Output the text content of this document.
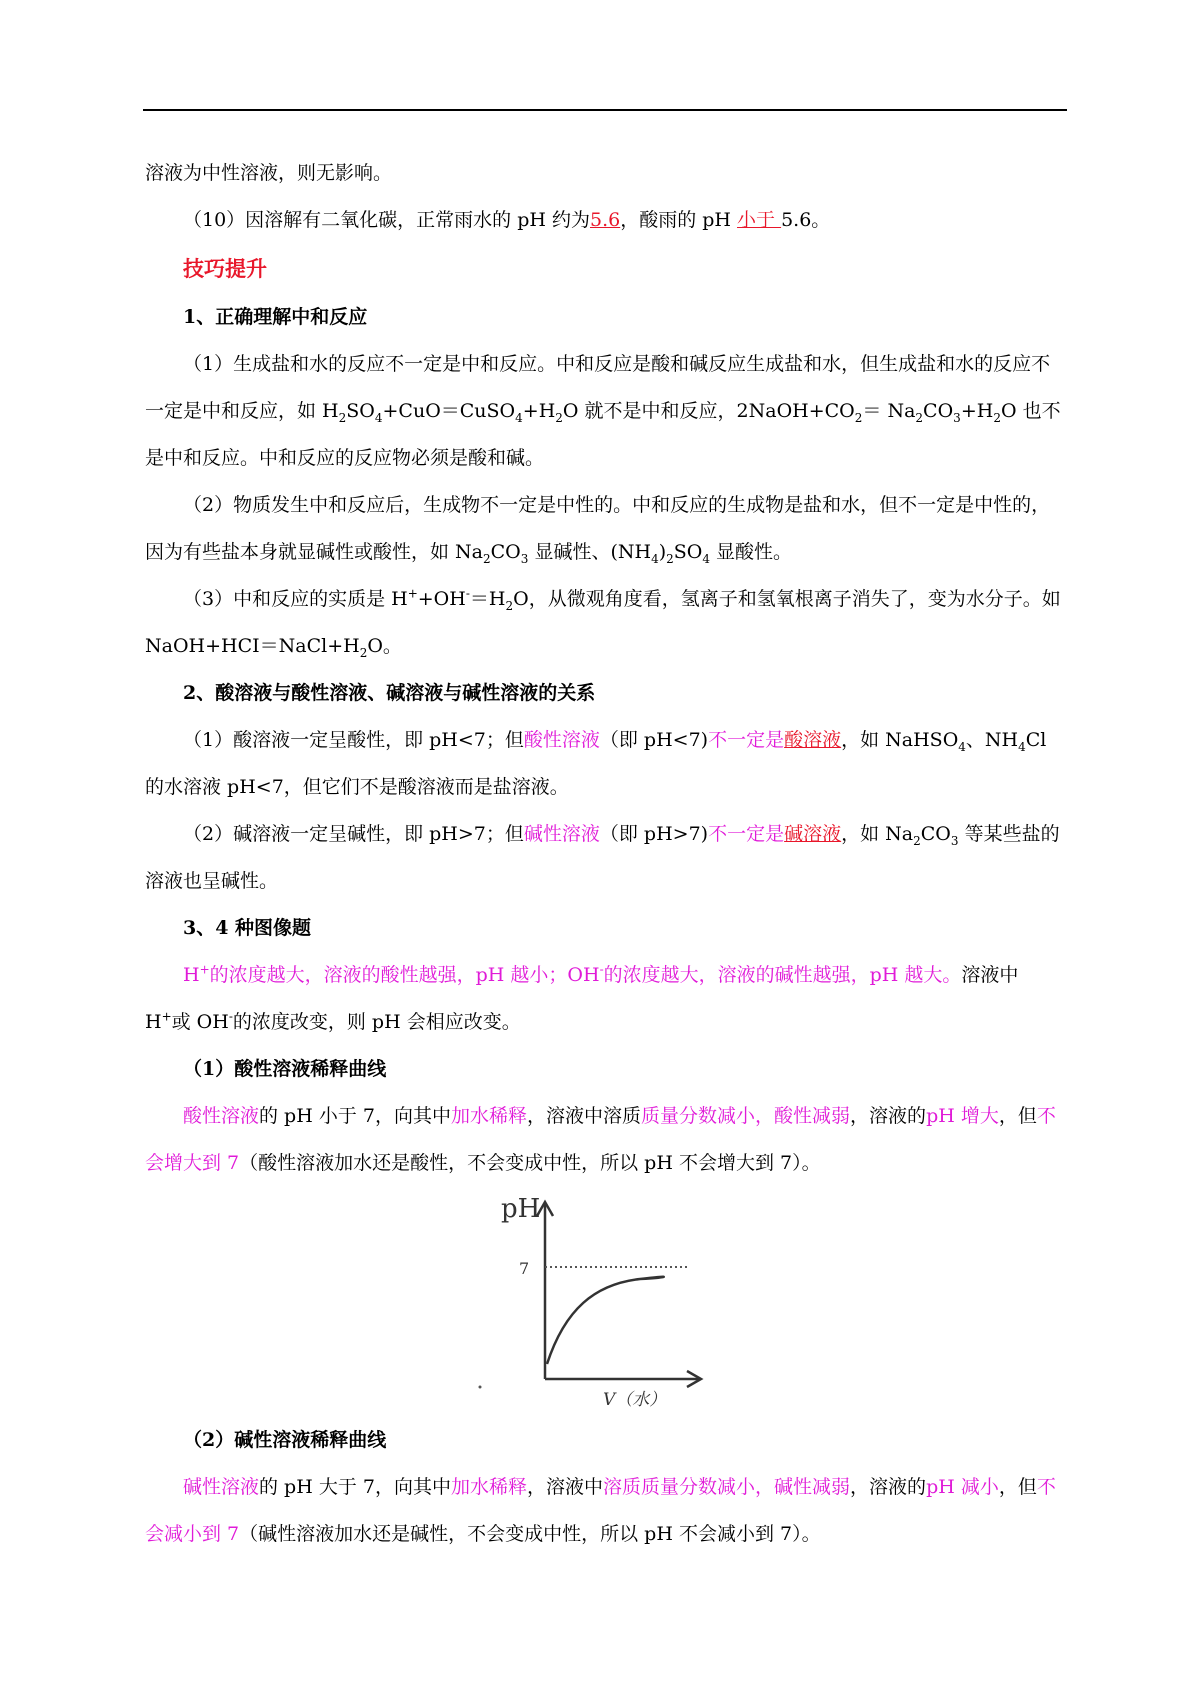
溶液为中性溶液，则无影响。

（10）因溶解有二氧化碳，正常雨水的 pH 约为5.6，酸雨的 pH 小于 5.6。

技巧提升

1、正确理解中和反应

（1）生成盐和水的反应不一定是中和反应。中和反应是酸和碱反应生成盐和水，但生成盐和水的反应不一定是中和反应，如 $H_2SO_4+CuO=CuSO_4+H_2O$ 就不是中和反应，$2NaOH+CO_2= Na_2CO_3+H_2O$ 也不是中和反应。中和反应的反应物必须是酸和碱。

（2）物质发生中和反应后，生成物不一定是中性的。中和反应的生成物是盐和水，但不一定是中性的，因为有些盐本身就显碱性或酸性，如 $Na_2CO_3$ 显碱性、$(NH_4)_2SO_4$ 显酸性。

（3）中和反应的实质是 $H^++OH^-=H_2O$，从微观角度看，氢离子和氢氧根离子消失了，变为水分子。如 $NaOH+HCI=NaCl+H_2O$。

2、酸溶液与酸性溶液、碱溶液与碱性溶液的关系

（1）酸溶液一定呈酸性，即 pH<7；但酸性溶液（即 pH<7)不一定是酸溶液，如 NaHSO$_4$、$NH_4Cl$ 的水溶液 pH<7，但它们不是酸溶液而是盐溶液。

（2）碱溶液一定呈碱性，即 pH>7；但碱性溶液（即 pH>7)不一定是碱溶液，如 $Na_2CO_3$ 等某些盐的溶液也呈碱性。

3、4 种图像题

H+的浓度越大，溶液的酸性越强，pH 越小；OH-的浓度越大，溶液的碱性越强，pH 越大。溶液中 H+或 OH-的浓度改变，则 pH 会相应改变。

（1）酸性溶液稀释曲线

酸性溶液的 pH 小于 7，向其中加水稀释，溶液中溶质质量分数减小，酸性减弱，溶液的pH 增大，但不会增大到 7（酸性溶液加水还是酸性，不会变成中性，所以 pH 不会增大到 7）。

pH
7
V（水）

（2）碱性溶液稀释曲线

碱性溶液的 pH 大于 7，向其中加水稀释，溶液中溶质质量分数减小，碱性减弱，溶液的pH 减小，但不会减小到 7（碱性溶液加水还是碱性，不会变成中性，所以 pH 不会减小到 7）。
